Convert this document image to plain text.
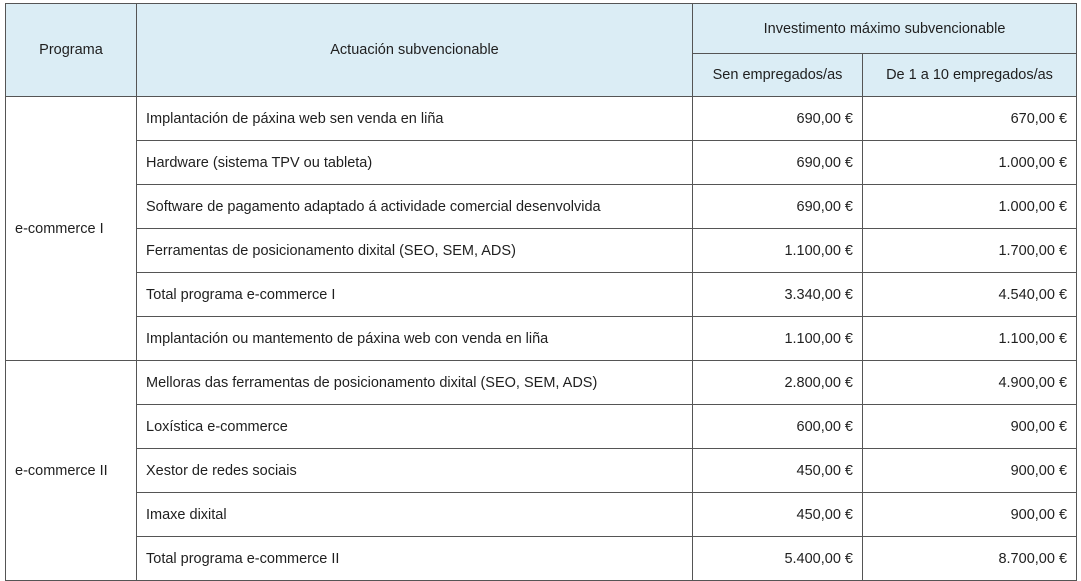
Programa	Actuación subvencionable	Investimento máximo subvencionable	
		Sen empregados/as	De 1 a 10 empregados/as
e-commerce I	Implantación de páxina web sen venda en liña	690,00 €	670,00 €
	Hardware (sistema TPV ou tableta)	690,00 €	1.000,00 €
	Software de pagamento adaptado á actividade comercial desenvolvida	690,00 €	1.000,00 €
	Ferramentas de posicionamento dixital (SEO, SEM, ADS)	1.100,00 €	1.700,00 €
	Total programa e-commerce I	3.340,00 €	4.540,00 €
	Implantación ou mantemento de páxina web con venda en liña	1.100,00 €	1.100,00 €
e-commerce II	Melloras das ferramentas de posicionamento dixital (SEO, SEM, ADS)	2.800,00 €	4.900,00 €
	Loxística e-commerce	600,00 €	900,00 €
	Xestor de redes sociais	450,00 €	900,00 €
	Imaxe dixital	450,00 €	900,00 €
	Total programa e-commerce II	5.400,00 €	8.700,00 €
